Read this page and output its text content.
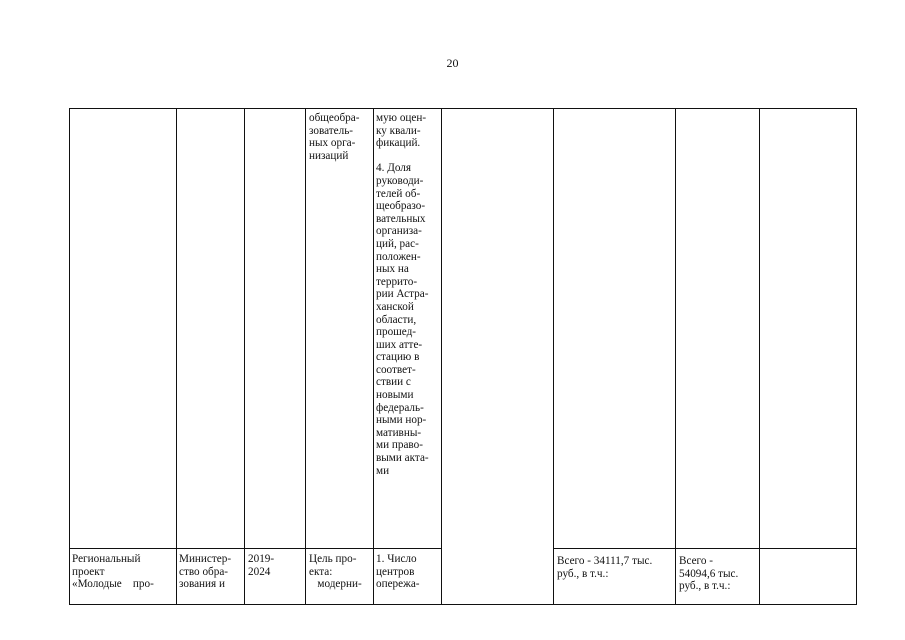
20
общеобра-
зователь-
ных орга-
низаций
мую оцен-
ку квали-
фикаций.

4. Доля
руководи-
телей об-
щеобразо-
вательных
организа-
ций, рас-
положен-
ных на
террито-
рии Астра-
ханской
области,
прошед-
ших атте-
стацию в
соответ-
ствии с
новыми
федераль-
ными нор-
мативны-
ми право-
выми акта-
ми
Региональный
проект
«Молодые    про-
Министер-
ство обра-
зования и
2019-
2024
Цель про-
екта:
модерни-
1. Число
центров
опережа-
Всего - 34111,7 тыс.
руб., в т.ч.:
Всего -
54094,6 тыс.
руб., в т.ч.:
